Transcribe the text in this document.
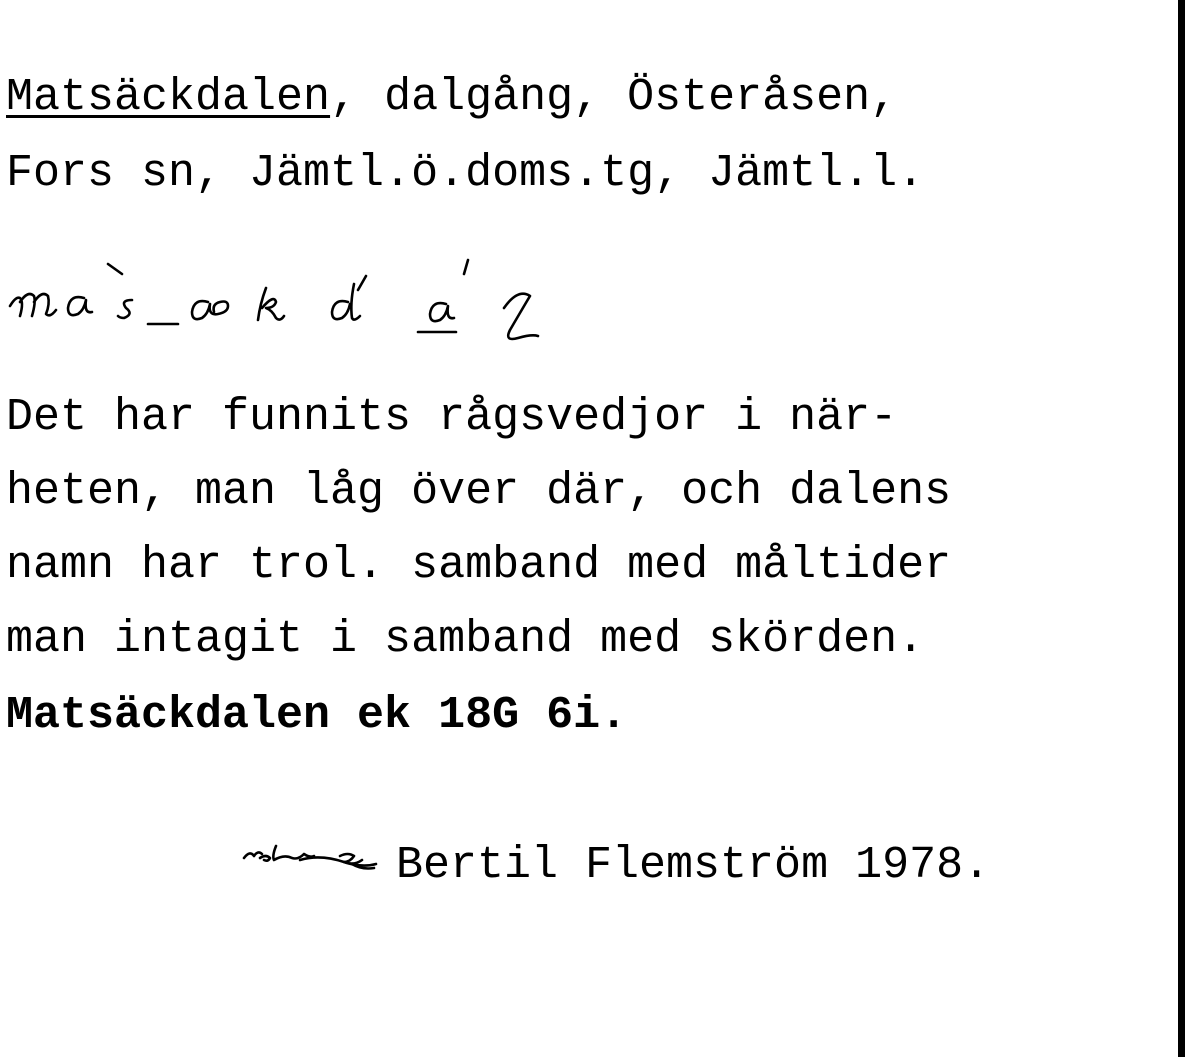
Matsäckdalen, dalgång, Österåsen,
Fors sn, Jämtl.ö.doms.tg, Jämtl.l.
Det har funnits rågsvedjor i när-
heten, man låg över där, och dalens
namn har trol. samband med måltider
man intagit i samband med skörden.
Matsäckdalen ek 18G 6i.
Bertil Flemström 1978.
